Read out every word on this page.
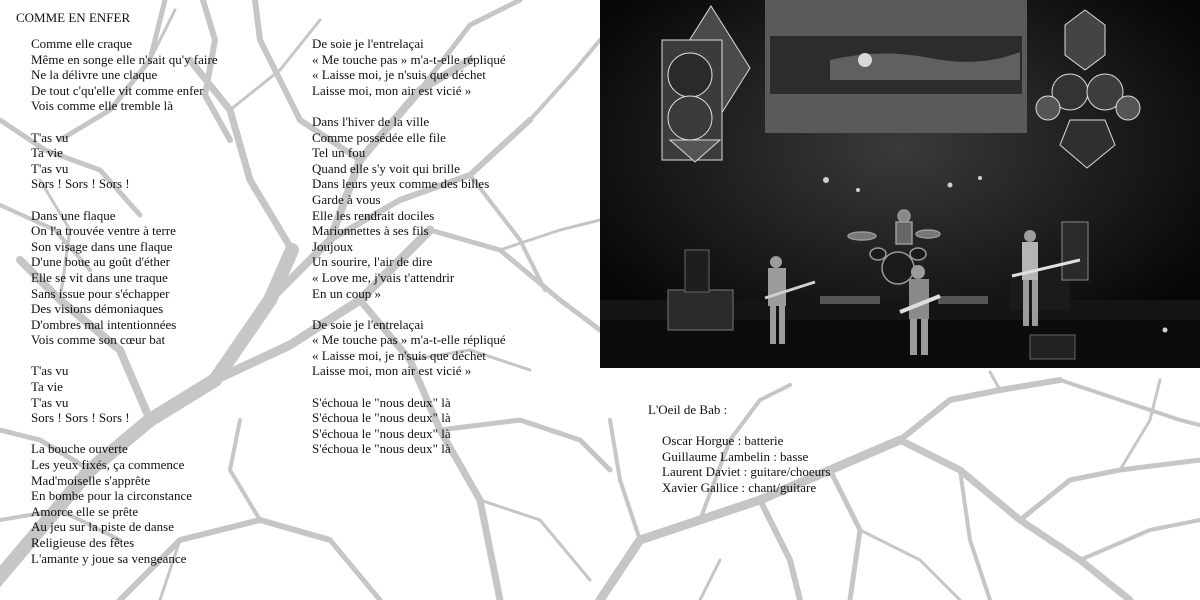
COMME EN ENFER
Comme elle craque
Même en songe elle n'sait qu'y faire
Ne la délivre une claque
De tout c'qu'elle vit comme enfer
Vois comme elle tremble là
T'as vu
Ta vie
T'as vu
Sors ! Sors ! Sors !
Dans une flaque
On l'a trouvée ventre à terre
Son visage dans une flaque
D'une boue au goût d'éther
Elle se vit dans une traque
Sans issue pour s'échapper
Des visions démoniaques
D'ombres mal intentionnées
Vois comme son cœur bat
T'as vu
Ta vie
T'as vu
Sors ! Sors ! Sors !
La bouche ouverte
Les yeux fixés, ça commence
Mad'moiselle s'apprête
En bombe pour la circonstance
Amorce elle se prête
Au jeu sur la piste de danse
Religieuse des fêtes
L'amante y joue sa vengeance
De soie je l'entrelaçai
« Me touche pas » m'a-t-elle répliqué
« Laisse moi, je n'suis que déchet
Laisse moi, mon air est vicié »
Dans l'hiver de la ville
Comme possédée elle file
Tel un fou
Quand elle s'y voit qui brille
Dans leurs yeux comme des billes
Garde à vous
Elle les rendrait dociles
Marionnettes à ses fils
Joujoux
Un sourire, l'air de dire
« Love me, j'vais t'attendrir
En un coup »
De soie je l'entrelaçai
« Me touche pas » m'a-t-elle répliqué
« Laisse moi, je n'suis que déchet
Laisse moi, mon air est vicié »
S'échoua le "nous deux" là
S'échoua le "nous deux" là
S'échoua le "nous deux" là
S'échoua le "nous deux" là
L'Oeil de Bab :
Oscar Horgue : batterie
Guillaume Lambelin : basse
Laurent Daviet : guitare/choeurs
Xavier Gallice : chant/guitare
